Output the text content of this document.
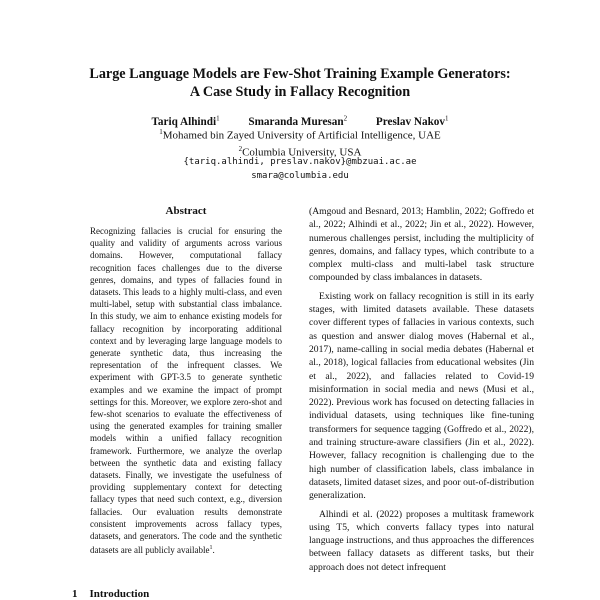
Large Language Models are Few-Shot Training Example Generators:
A Case Study in Fallacy Recognition
Tariq Alhindi$^1$	Smaranda Muresan$^2$	Preslav Nakov$^1$
$^1$Mohamed bin Zayed University of Artificial Intelligence, UAE
$^2$Columbia University, USA
{tariq.alhindi, preslav.nakov}@mbzuai.ac.ae
smara@columbia.edu
Abstract
Recognizing fallacies is crucial for ensuring the quality and validity of arguments across various domains. However, computational fallacy recognition faces challenges due to the diverse genres, domains, and types of fallacies found in datasets. This leads to a highly multi-class, and even multi-label, setup with substantial class imbalance. In this study, we aim to enhance existing models for fallacy recognition by incorporating additional context and by leveraging large language models to generate synthetic data, thus increasing the representation of the infrequent classes. We experiment with GPT-3.5 to generate synthetic examples and we examine the impact of prompt settings for this. Moreover, we explore zero-shot and few-shot scenarios to evaluate the effectiveness of using the generated examples for training smaller models within a unified fallacy recognition framework. Furthermore, we analyze the overlap between the synthetic data and existing fallacy datasets. Finally, we investigate the usefulness of providing supplementary context for detecting fallacy types that need such context, e.g., diversion fallacies. Our evaluation results demonstrate consistent improvements across fallacy types, datasets, and generators. The code and the synthetic datasets are all publicly available$^1$.
1 Introduction

(Amgoud and Besnard, 2013; Hamblin, 2022; Goffredo et al., 2022; Alhindi et al., 2022; Jin et al., 2022). However, numerous challenges persist, including the multiplicity of genres, domains, and fallacy types, which contribute to a complex multi-class and multi-label task structure compounded by class imbalances in datasets.

Existing work on fallacy recognition is still in its early stages, with limited datasets available. These datasets cover different types of fallacies in various contexts, such as question and answer dialog moves (Habernal et al., 2017), name-calling in social media debates (Habernal et al., 2018), logical fallacies from educational websites (Jin et al., 2022), and fallacies related to Covid-19 misinformation in social media and news (Musi et al., 2022). Previous work has focused on detecting fallacies in individual datasets, using techniques like fine-tuning transformers for sequence tagging (Goffredo et al., 2022), and training structure-aware classifiers (Jin et al., 2022). However, fallacy recognition is challenging due to the high number of classification labels, class imbalance in datasets, limited dataset sizes, and poor out-of-distribution generalization.

Alhindi et al. (2022) proposes a multitask framework using T5, which converts fallacy types into natural language instructions, and thus approaches the differences between fallacy datasets as different tasks, but their approach does not detect infrequent
